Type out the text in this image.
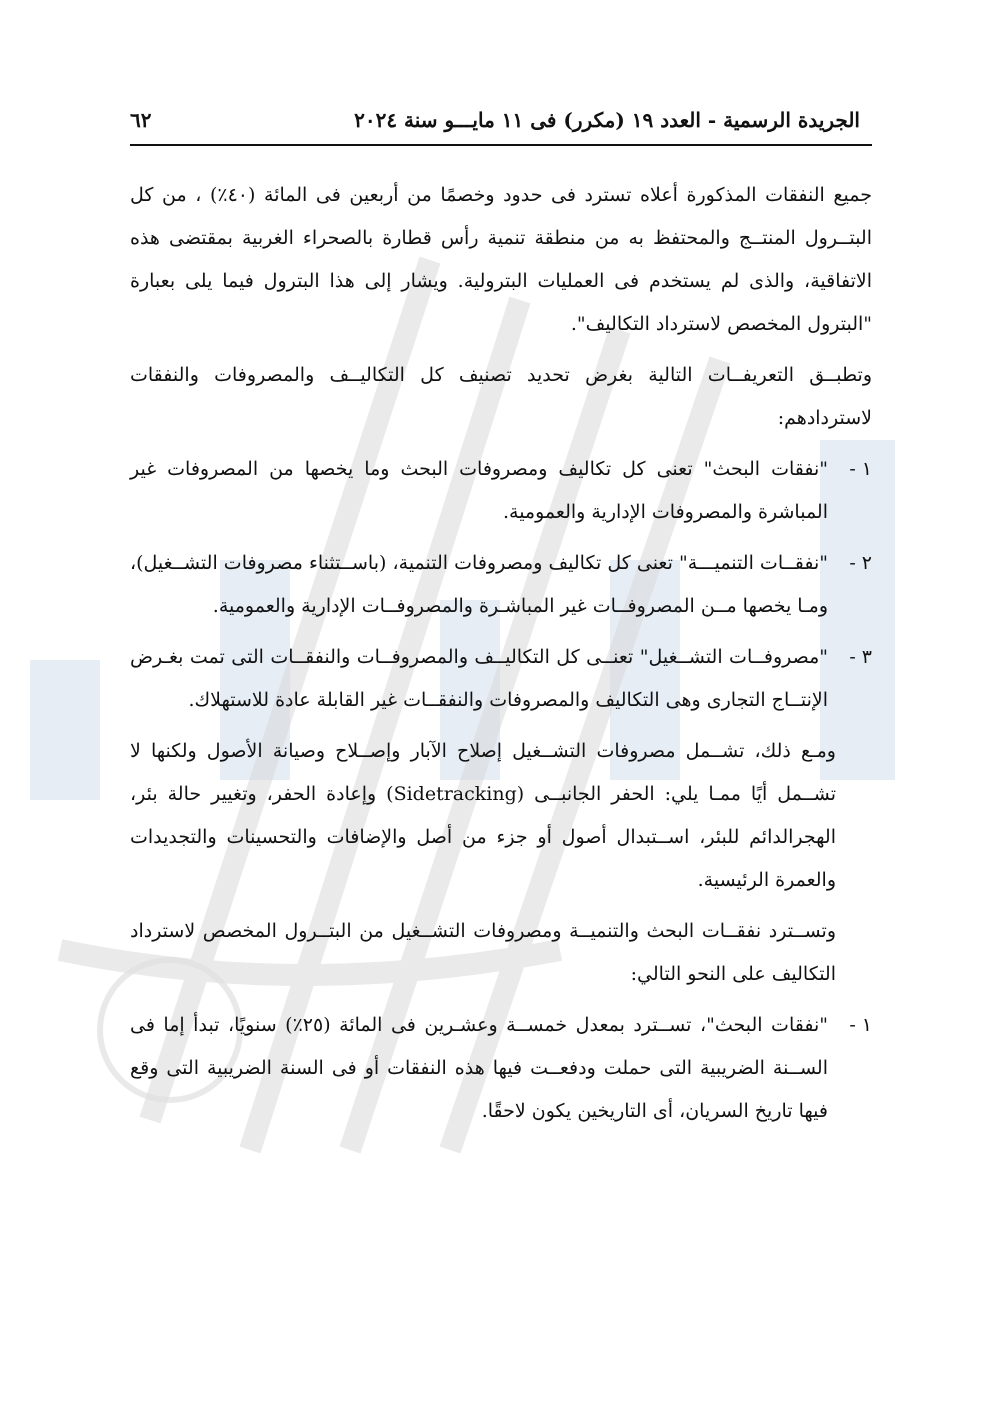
الجريدة الرسمية - العدد ١٩ (مكرر) فى ١١ مايـــو سنة ٢٠٢٤
٦٢

جميع النفقات المذكورة أعلاه تسترد فى حدود وخصمًا من أربعين فى المائة (٤٠٪) ، من كل البتــرول المنتــج والمحتفظ به من منطقة تنمية رأس قطارة بالصحراء الغربية بمقتضى هذه الاتفاقية، والذى لم يستخدم فى العمليات البترولية. ويشار إلى هذا البترول فيما يلى بعبارة "البترول المخصص لاسترداد التكاليف".

وتطبــق التعريفــات التالية بغرض تحديد تصنيف كل التكاليــف والمصروفات والنفقات لاستردادهم:

١ -
"نفقات البحث" تعنى كل تكاليف ومصروفات البحث وما يخصها من المصروفات غير المباشرة والمصروفات الإدارية والعمومية.
٢ -
"نفقــات التنميـــة" تعنى كل تكاليف ومصروفات التنمية، (باســتثناء مصروفات التشــغيل)، ومـا يخصها مــن المصروفــات غير المباشـرة والمصروفــات الإدارية والعمومية.
٣ -
"مصروفــات التشــغيل" تعنــى كل التكاليــف والمصروفــات والنفقــات التى تمت بغـرض الإنتــاج التجارى وهى التكاليف والمصروفات والنفقــات غير القابلة عادة للاستهلاك.

ومـع ذلك، تشــمل مصروفات التشــغيل إصلاح الآبار وإصــلاح وصيانة الأصول ولكنها لا تشــمل أيًا ممـا يلي: الحفر الجانبــى (Sidetracking) وإعادة الحفر، وتغيير حالة بئر، الهجرالدائم للبئر، اســتبدال أصول أو جزء من أصل والإضافات والتحسينات والتجديدات والعمرة الرئيسية.

وتســترد نفقــات البحث والتنميــة ومصروفات التشــغيل من البتــرول المخصص لاسترداد التكاليف على النحو التالي:

١ -
"نفقات البحث"، تســترد بمعدل خمســة وعشـرين فى المائة (٢٥٪) سنويًا، تبدأ إما فى الســنة الضريبية التى حملت ودفعــت فيها هذه النفقات أو فى السنة الضريبية التى وقع فيها تاريخ السريان، أى التاريخين يكون لاحقًا.
